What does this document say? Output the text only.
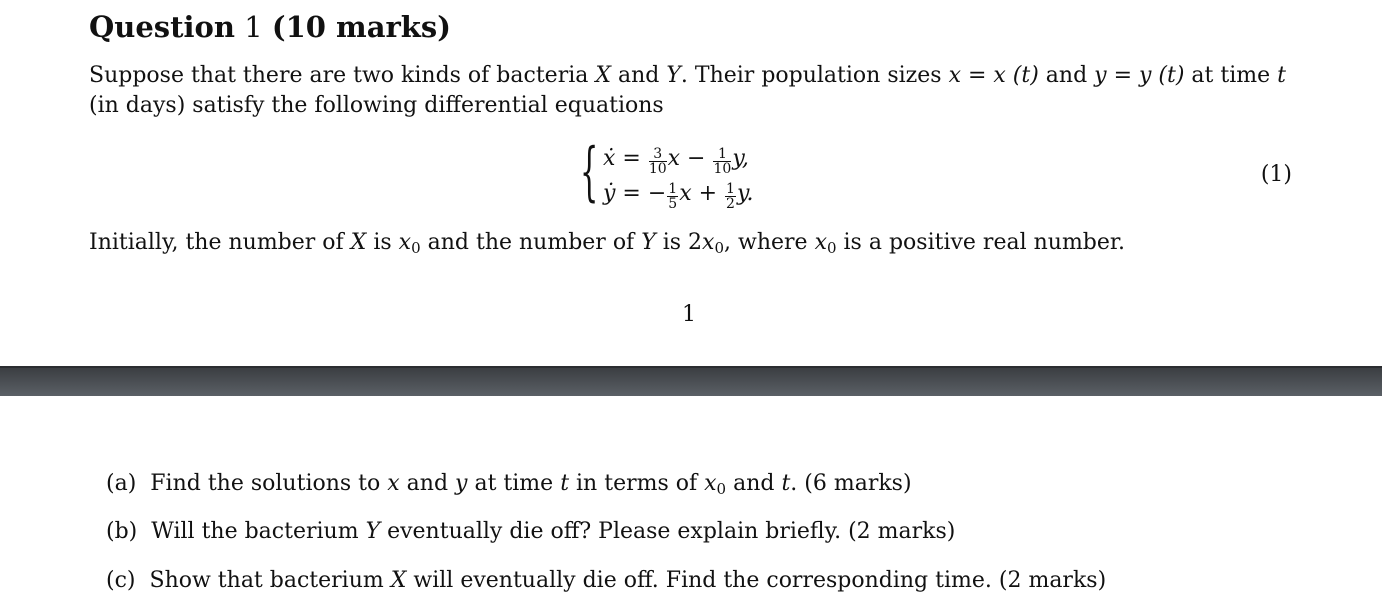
Question 1 (10 marks)
Suppose that there are two kinds of bacteria X and Y. Their population sizes x = x (t) and y = y (t) at time t
(in days) satisfy the following differential equations
{ ẋ = $\frac{3}{10}$ $x - \frac{1}{10} y$,
ẏ = − $\frac{1}{5}$ $x + \frac{1}{2} y$.
(1)
Initially, the number of X is $x_0$ and the number of Y is $2x_0$, where $x_0$ is a positive real number.
1
(a) Find the solutions to x and y at time t in terms of $x_0$ and t. (6 marks)
(b) Will the bacterium Y eventually die off? Please explain briefly. (2 marks)
(c) Show that bacterium X will eventually die off. Find the corresponding time. (2 marks)
